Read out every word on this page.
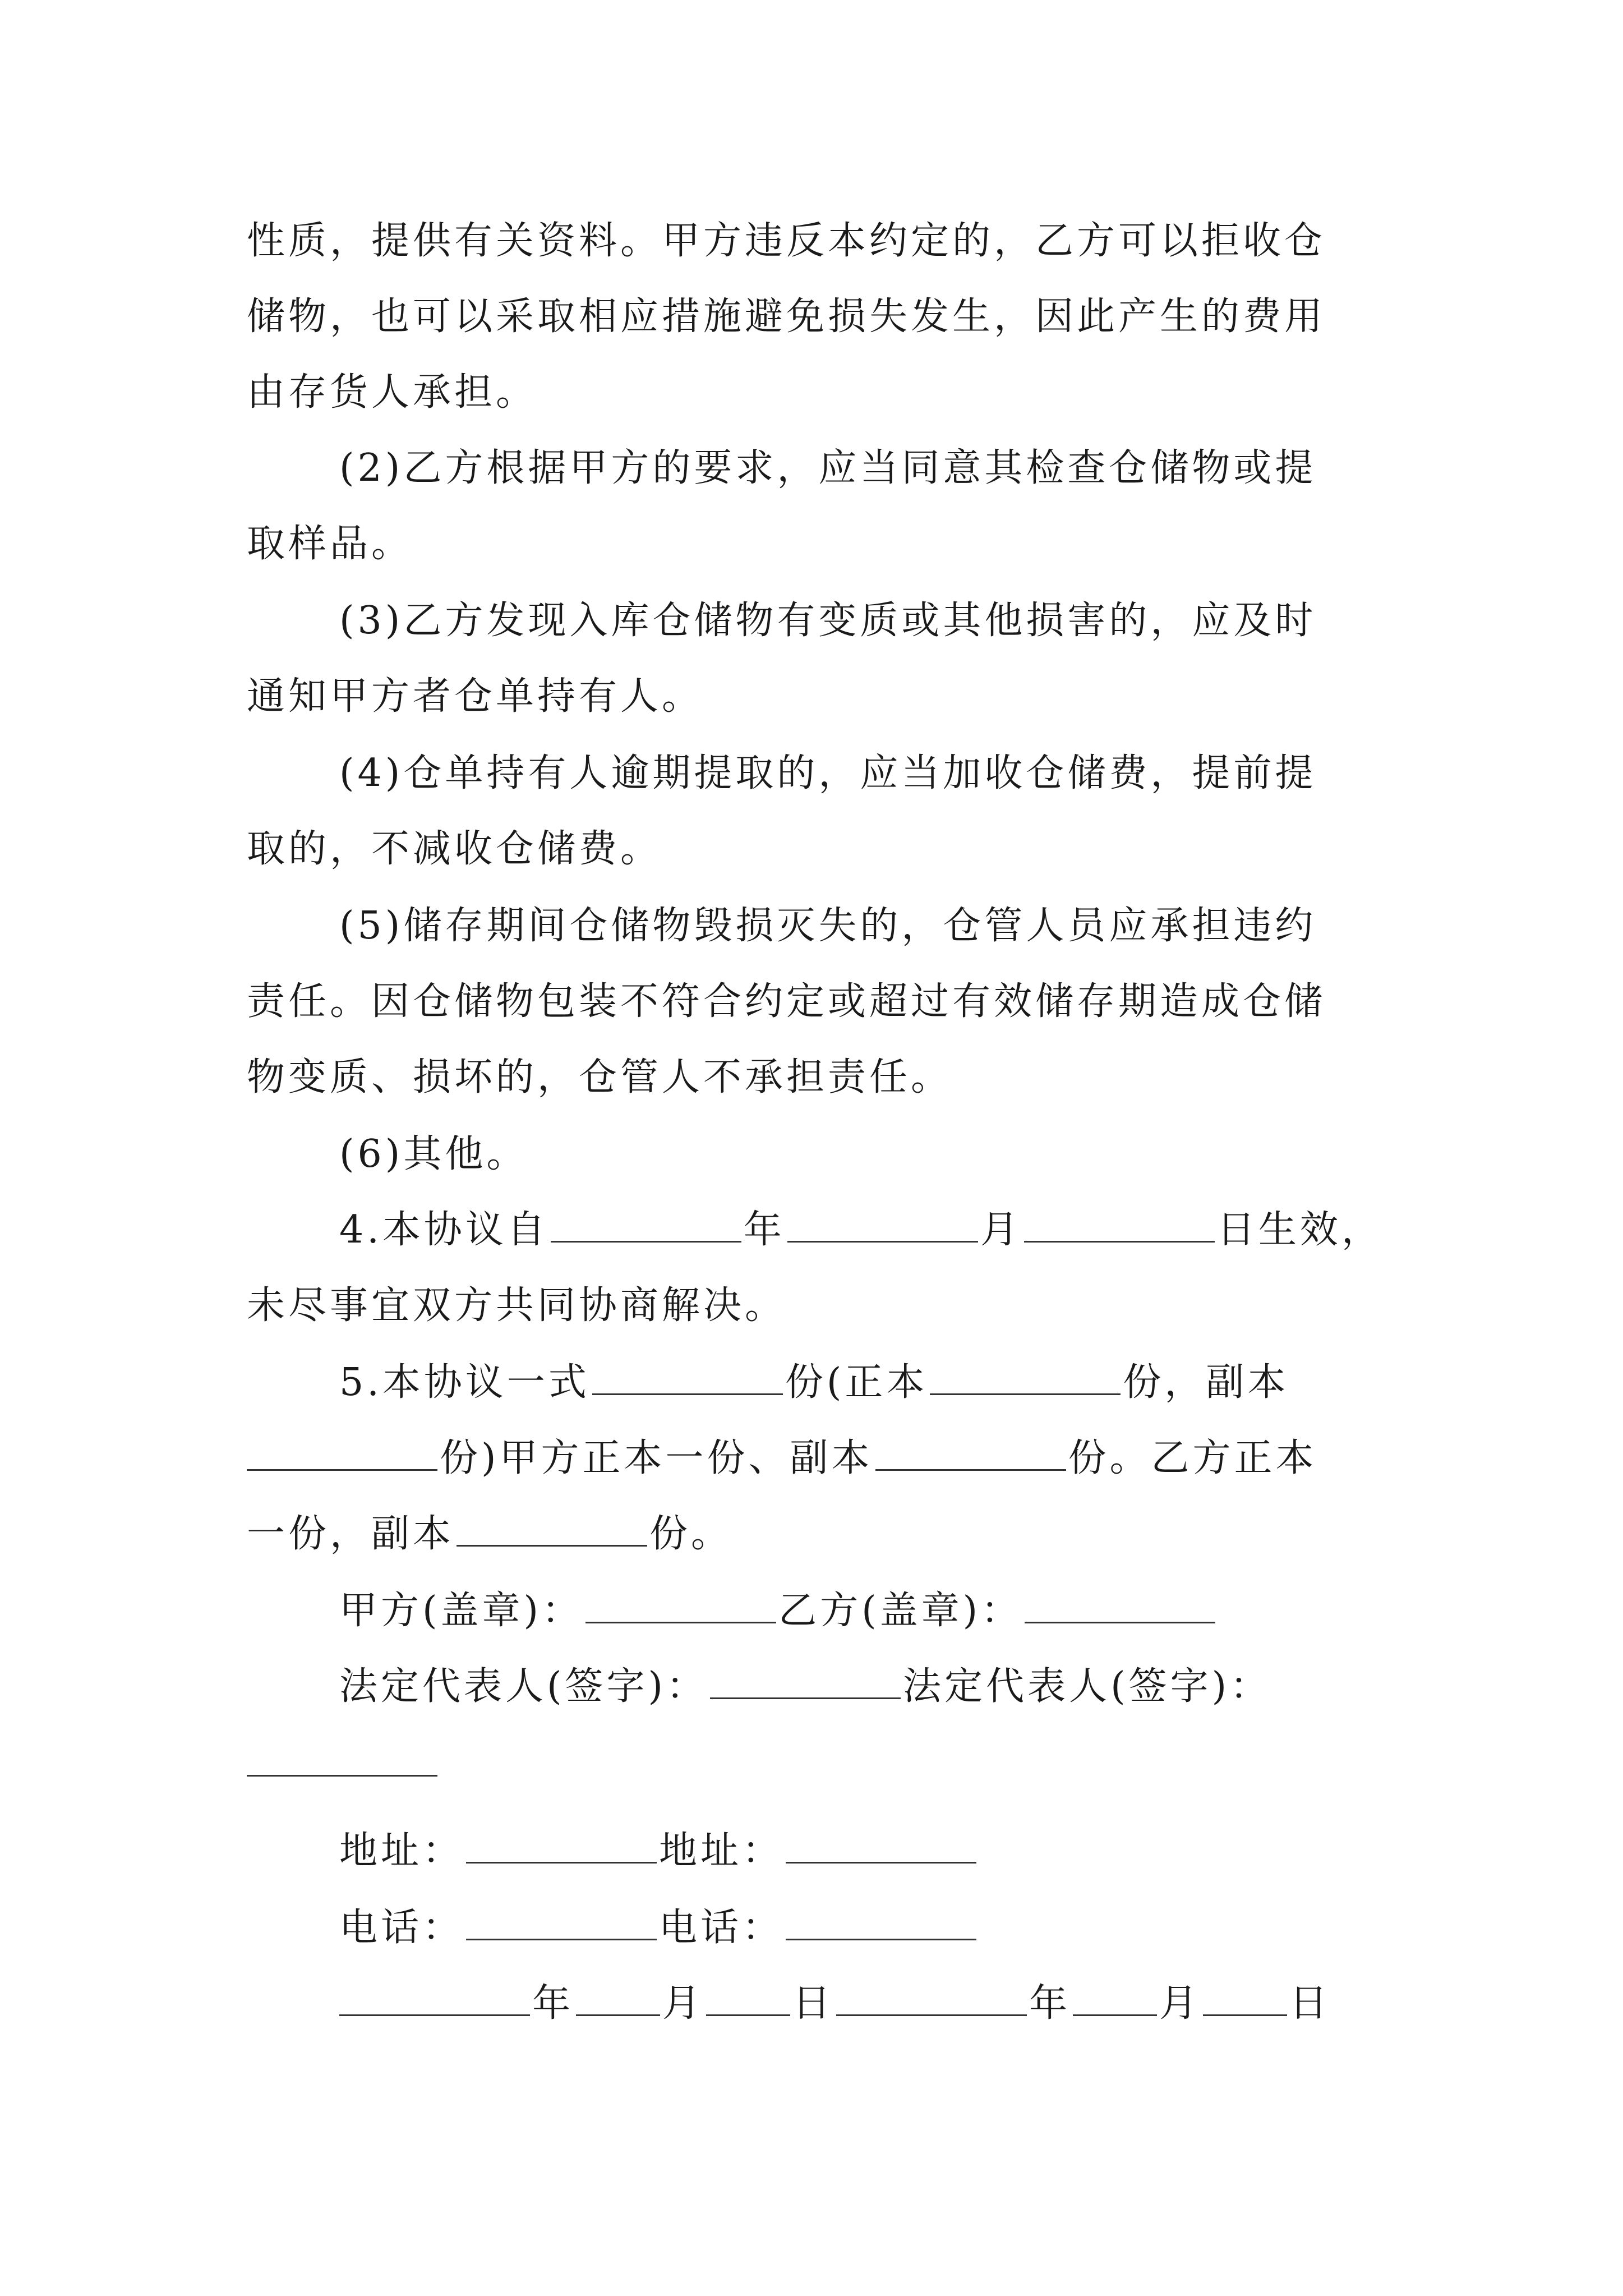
性质，提供有关资料。甲方违反本约定的，乙方可以拒收仓
储物，也可以采取相应措施避免损失发生，因此产生的费用
由存货人承担。
(2)乙方根据甲方的要求，应当同意其检查仓储物或提
取样品。
(3)乙方发现入库仓储物有变质或其他损害的，应及时
通知甲方者仓单持有人。
(4)仓单持有人逾期提取的，应当加收仓储费，提前提
取的，不减收仓储费。
(5)储存期间仓储物毁损灭失的，仓管人员应承担违约
责任。因仓储物包装不符合约定或超过有效储存期造成仓储
物变质、损坏的，仓管人不承担责任。
(6)其他。
4.本协议自	年	月	日生效，
未尽事宜双方共同协商解决。
5.本协议一式	份(正本	份，副本
份)甲方正本一份、副本	份。乙方正本
一份，副本	份。
甲方(盖章)：	乙方(盖章)：
法定代表人(签字)：	法定代表人(签字)：
地址：	地址：
电话：	电话：
年 月 日	年 月 日
